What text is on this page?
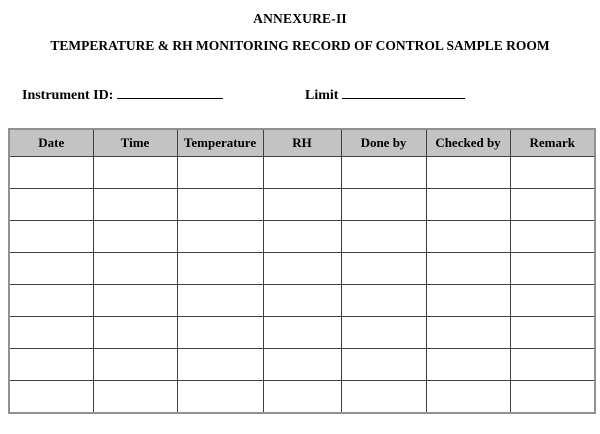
ANNEXURE-II
TEMPERATURE & RH MONITORING RECORD OF CONTROL SAMPLE ROOM
Instrument ID:	Limit
Date	Time	Temperature	RH	Done by	Checked by	Remark
